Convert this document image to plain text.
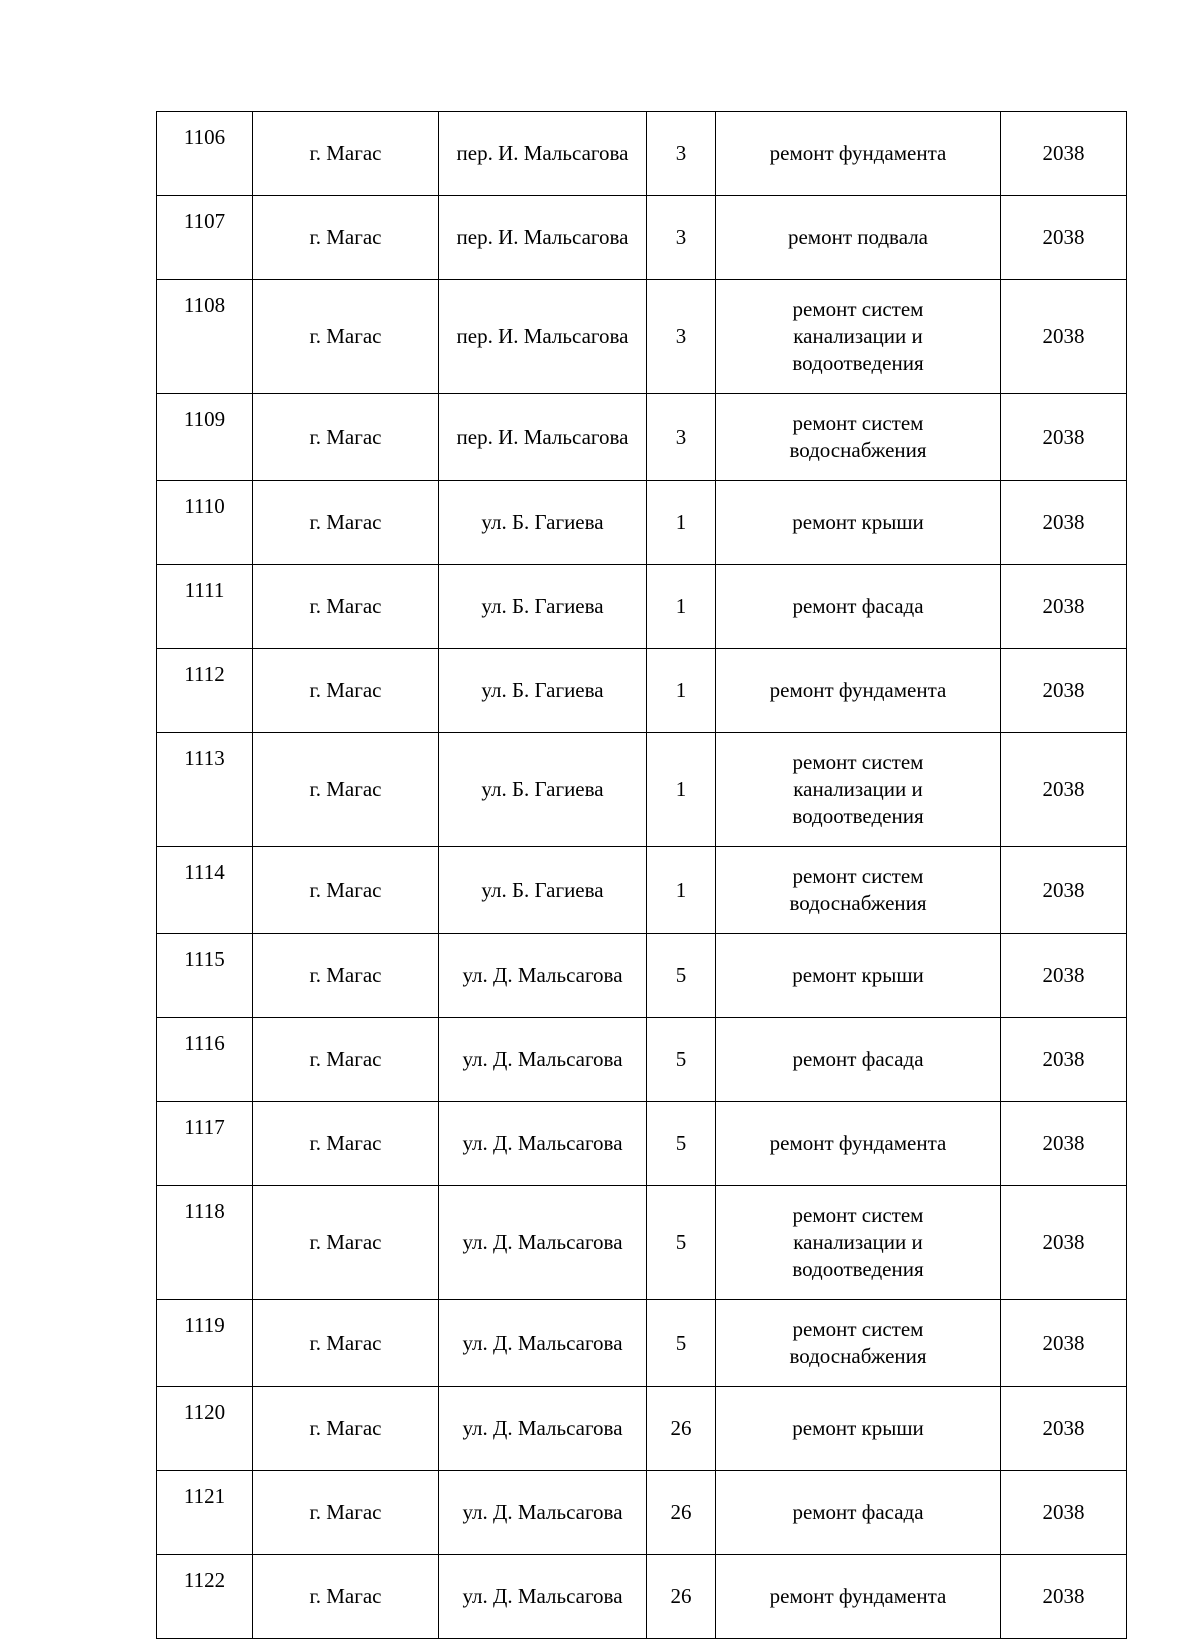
1106	г. Магас	пер. И. Мальсагова	3	ремонт фундамента	2038
1107	г. Магас	пер. И. Мальсагова	3	ремонт подвала	2038
1108	г. Магас	пер. И. Мальсагова	3	ремонт систем
канализации и
водоотведения	2038
1109	г. Магас	пер. И. Мальсагова	3	ремонт систем
водоснабжения	2038
1110	г. Магас	ул. Б. Гагиева	1	ремонт крыши	2038
1111	г. Магас	ул. Б. Гагиева	1	ремонт фасада	2038
1112	г. Магас	ул. Б. Гагиева	1	ремонт фундамента	2038
1113	г. Магас	ул. Б. Гагиева	1	ремонт систем
канализации и
водоотведения	2038
1114	г. Магас	ул. Б. Гагиева	1	ремонт систем
водоснабжения	2038
1115	г. Магас	ул. Д. Мальсагова	5	ремонт крыши	2038
1116	г. Магас	ул. Д. Мальсагова	5	ремонт фасада	2038
1117	г. Магас	ул. Д. Мальсагова	5	ремонт фундамента	2038
1118	г. Магас	ул. Д. Мальсагова	5	ремонт систем
канализации и
водоотведения	2038
1119	г. Магас	ул. Д. Мальсагова	5	ремонт систем
водоснабжения	2038
1120	г. Магас	ул. Д. Мальсагова	26	ремонт крыши	2038
1121	г. Магас	ул. Д. Мальсагова	26	ремонт фасада	2038
1122	г. Магас	ул. Д. Мальсагова	26	ремонт фундамента	2038
